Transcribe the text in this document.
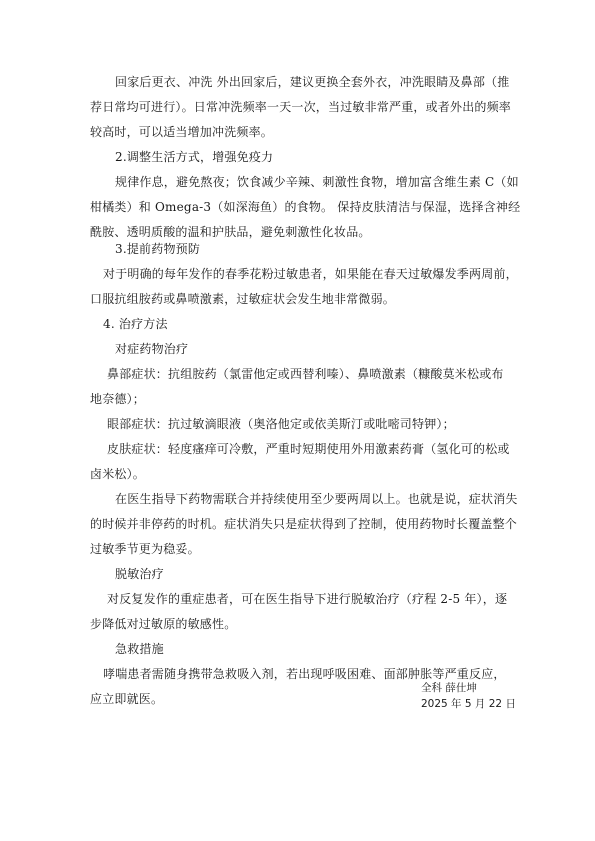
回家后更衣、冲洗 外出回家后，建议更换全套外衣，冲洗眼睛及鼻部（推
荐日常均可进行）。日常冲洗频率一天一次，当过敏非常严重，或者外出的频率
较高时，可以适当增加冲洗频率。
2.调整生活方式，增强免疫力
规律作息，避免熬夜；饮食减少辛辣、刺激性食物，增加富含维生素 C（如
柑橘类）和 Omega-3（如深海鱼）的食物。 保持皮肤清洁与保湿，选择含神经
酰胺、透明质酸的温和护肤品，避免刺激性化妆品。
3.提前药物预防
对于明确的每年发作的春季花粉过敏患者，如果能在春天过敏爆发季两周前，
口服抗组胺药或鼻喷激素，过敏症状会发生地非常微弱。
4. 治疗方法
对症药物治疗
鼻部症状：抗组胺药（氯雷他定或西替利嗪）、鼻喷激素（糠酸莫米松或布
地奈德）；
眼部症状：抗过敏滴眼液（奥洛他定或依美斯汀或吡嘧司特钾）；
皮肤症状：轻度瘙痒可冷敷，严重时短期使用外用激素药膏（氢化可的松或
卤米松）。
在医生指导下药物需联合并持续使用至少要两周以上。也就是说，症状消失
的时候并非停药的时机。症状消失只是症状得到了控制，使用药物时长覆盖整个
过敏季节更为稳妥。
脱敏治疗
对反复发作的重症患者，可在医生指导下进行脱敏治疗（疗程 2-5 年），逐
步降低对过敏原的敏感性。
急救措施
哮喘患者需随身携带急救吸入剂，若出现呼吸困难、面部肿胀等严重反应，
应立即就医。
全科 薛仕坤
2025 年 5 月 22 日
